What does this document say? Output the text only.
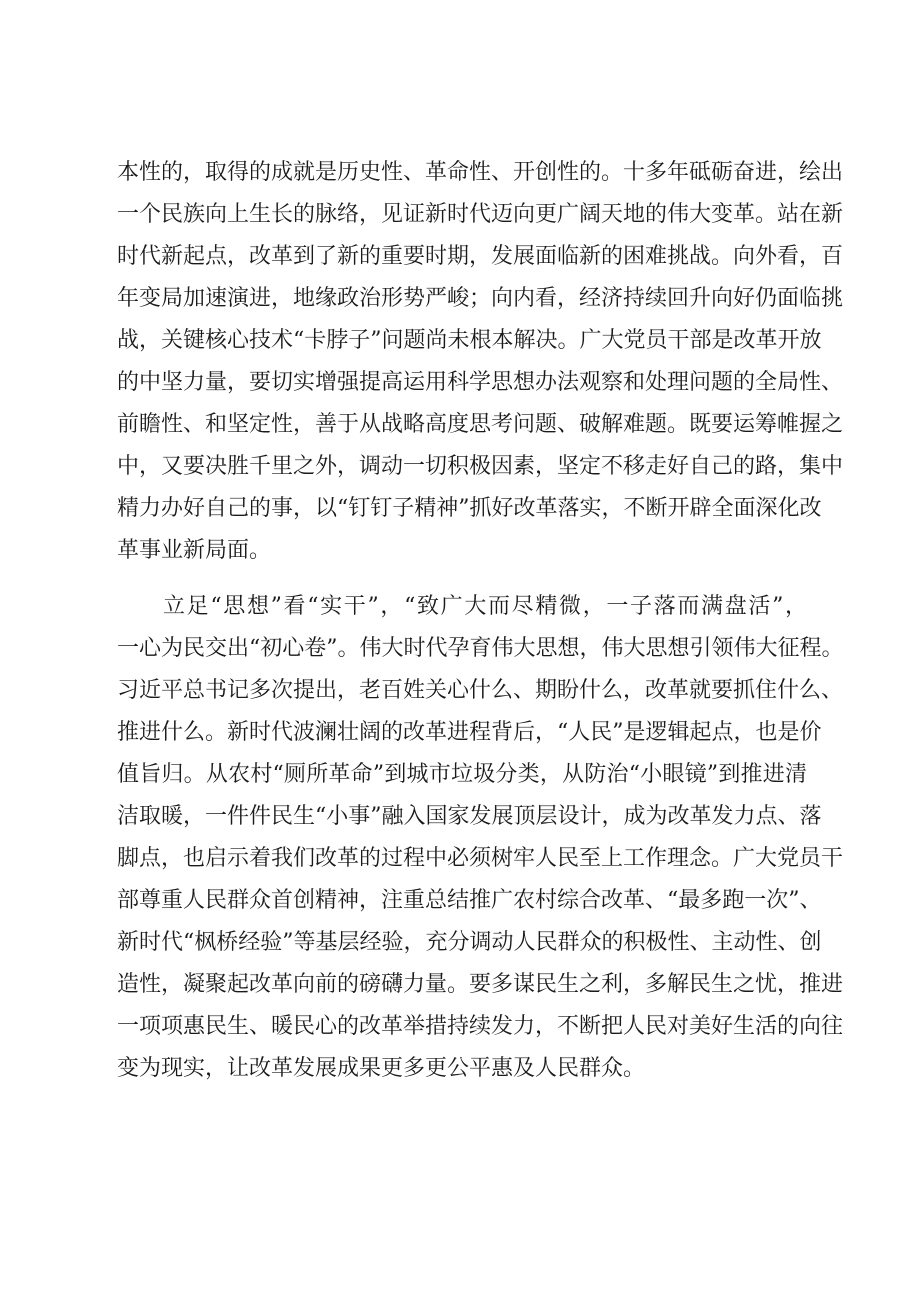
本性的，取得的成就是历史性、革命性、开创性的。十多年砥砺奋进，绘出
一个民族向上生长的脉络，见证新时代迈向更广阔天地的伟大变革。站在新
时代新起点，改革到了新的重要时期，发展面临新的困难挑战。向外看，百
年变局加速演进，地缘政治形势严峻；向内看，经济持续回升向好仍面临挑
战，关键核心技术“卡脖子”问题尚未根本解决。广大党员干部是改革开放
的中坚力量，要切实增强提高运用科学思想办法观察和处理问题的全局性、
前瞻性、和坚定性，善于从战略高度思考问题、破解难题。既要运筹帷握之
中，又要决胜千里之外，调动一切积极因素，坚定不移走好自己的路，集中
精力办好自己的事，以“钉钉子精神”抓好改革落实，不断开辟全面深化改
革事业新局面。
立足“思想”看“实干”，“致广大而尽精微，一子落而满盘活”，
一心为民交出“初心卷”。伟大时代孕育伟大思想，伟大思想引领伟大征程。
习近平总书记多次提出，老百姓关心什么、期盼什么，改革就要抓住什么、
推进什么。新时代波澜壮阔的改革进程背后，“人民”是逻辑起点，也是价
值旨归。从农村“厕所革命”到城市垃圾分类，从防治“小眼镜”到推进清
洁取暖，一件件民生“小事”融入国家发展顶层设计，成为改革发力点、落
脚点，也启示着我们改革的过程中必须树牢人民至上工作理念。广大党员干
部尊重人民群众首创精神，注重总结推广农村综合改革、“最多跑一次”、
新时代“枫桥经验”等基层经验，充分调动人民群众的积极性、主动性、创
造性，凝聚起改革向前的磅礴力量。要多谋民生之利，多解民生之忧，推进
一项项惠民生、暖民心的改革举措持续发力，不断把人民对美好生活的向往
变为现实，让改革发展成果更多更公平惠及人民群众。
